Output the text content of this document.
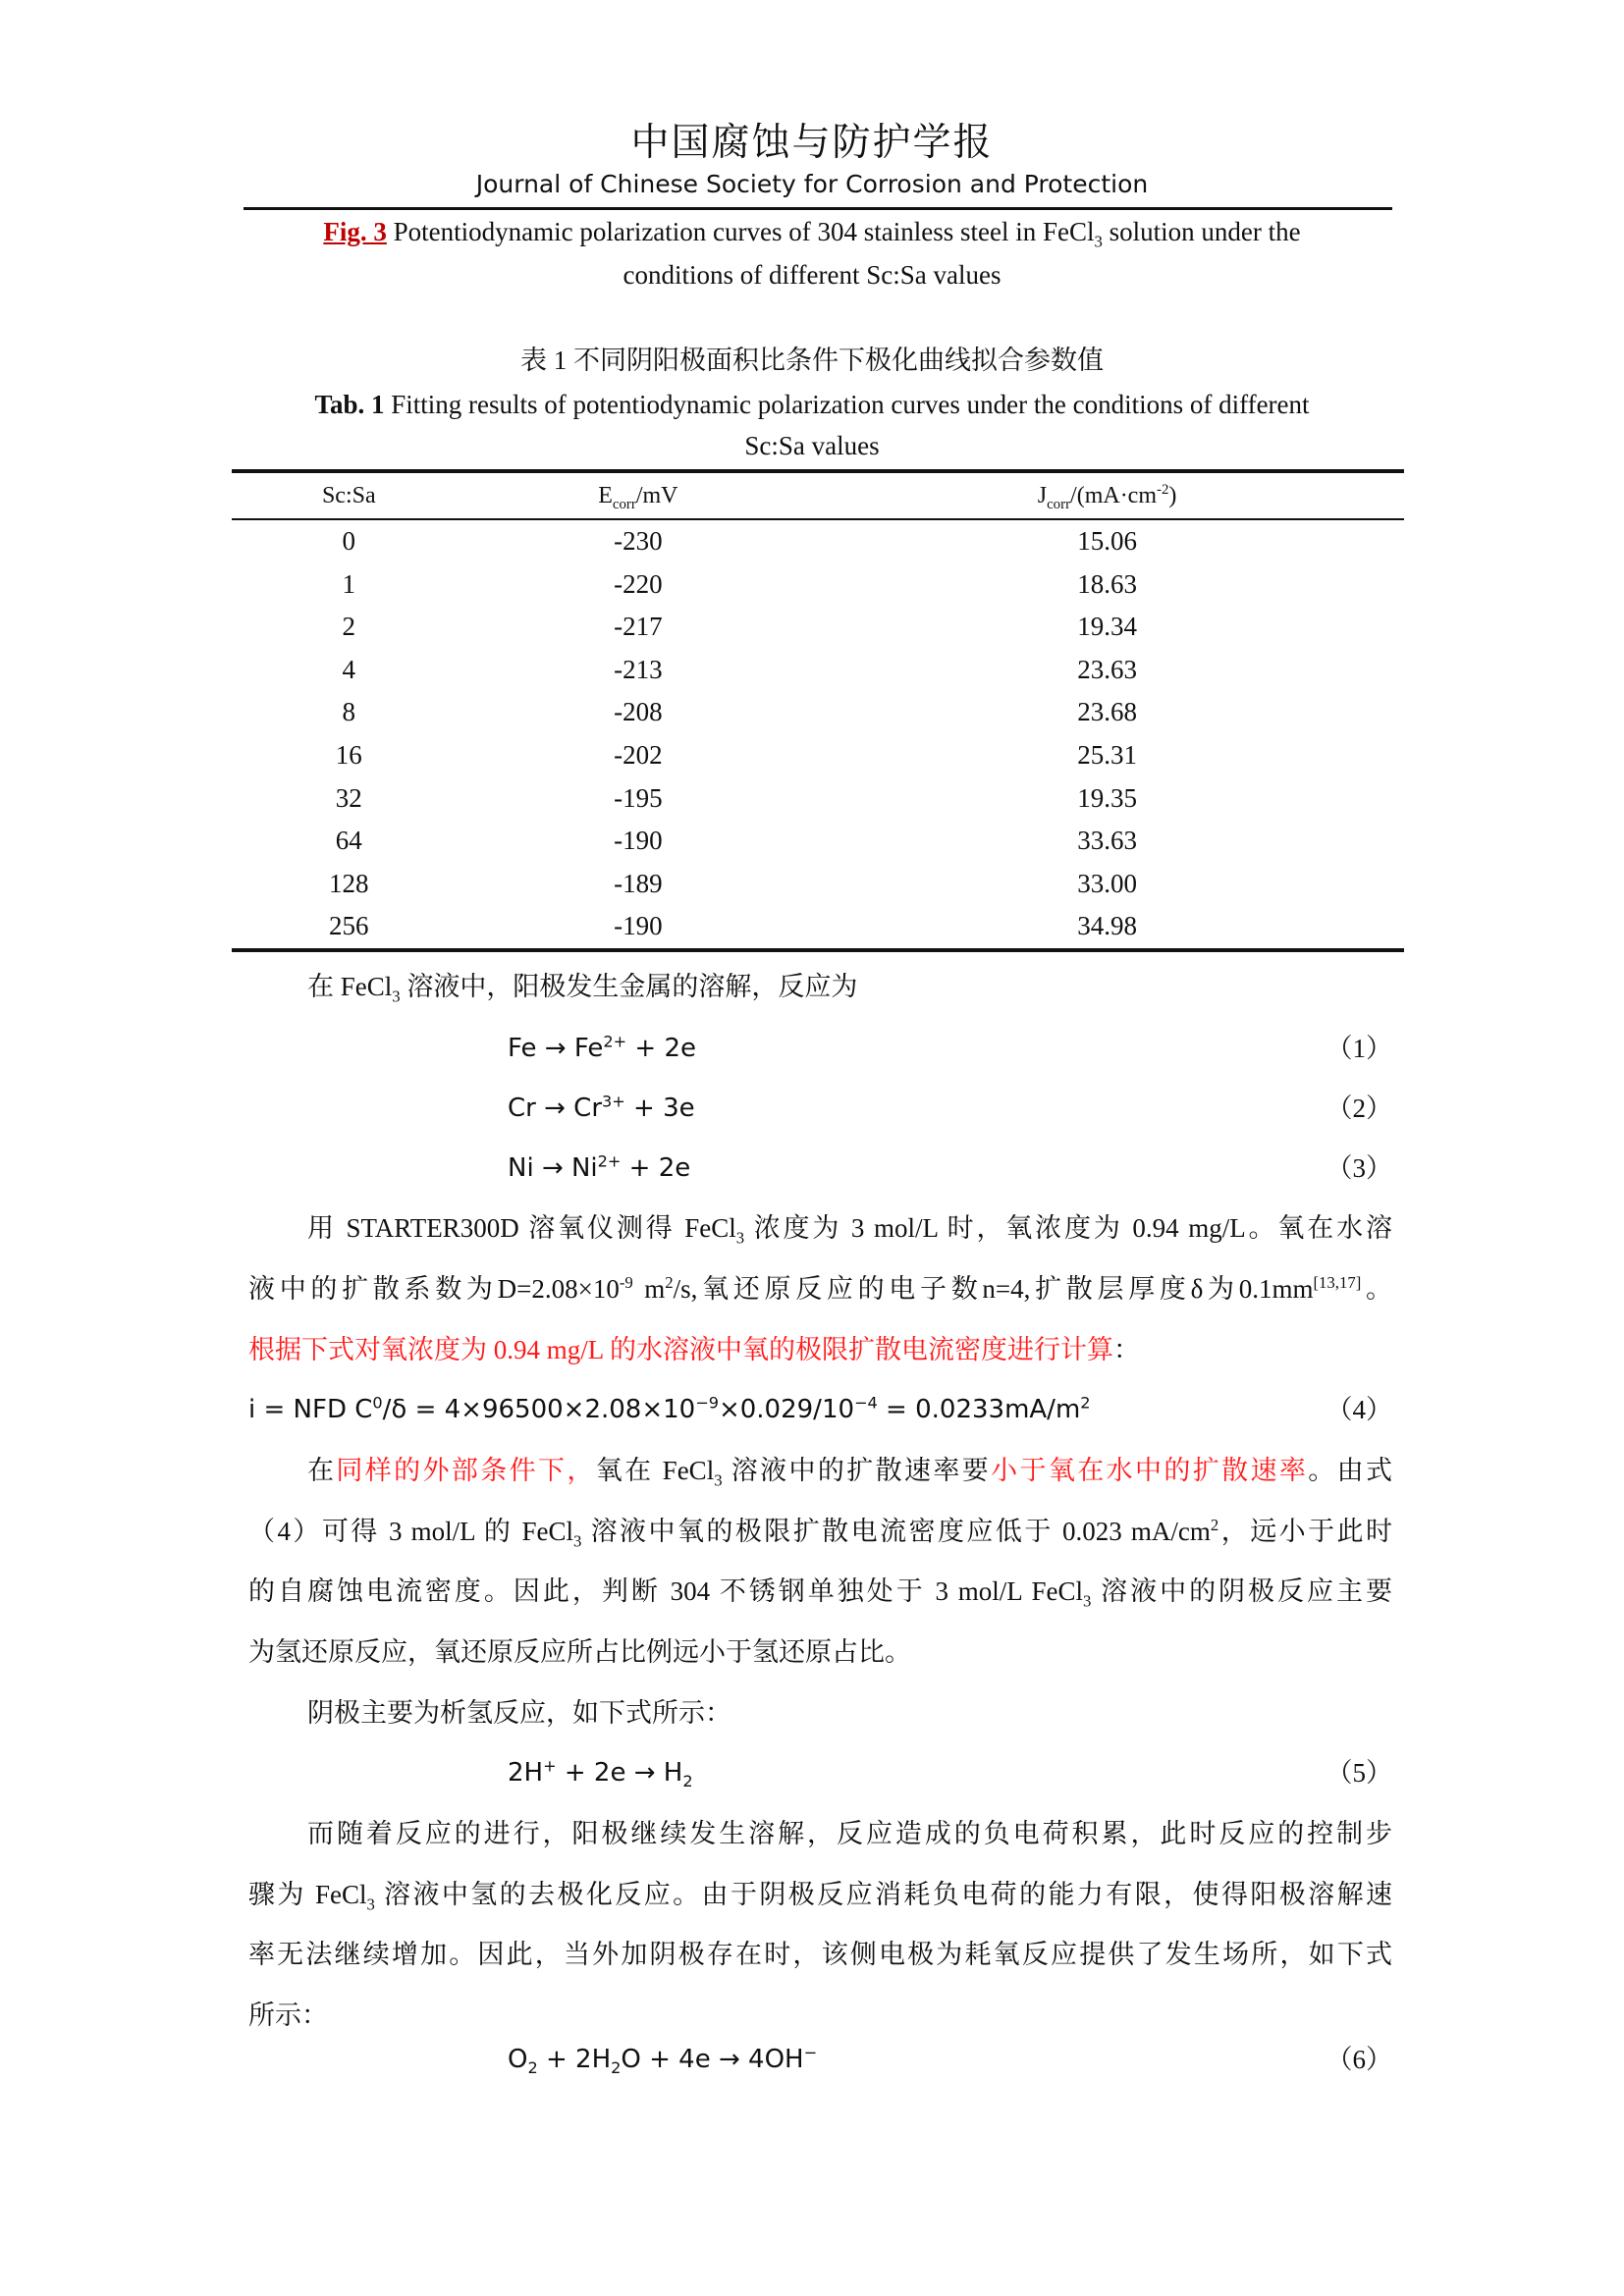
中国腐蚀与防护学报
Journal of Chinese Society for Corrosion and Protection
Fig. 3 Potentiodynamic polarization curves of 304 stainless steel in FeCl$_3$ solution under the
conditions of different Sc:Sa values
表 1 不同阴阳极面积比条件下极化曲线拟合参数值
Tab. 1 Fitting results of potentiodynamic polarization curves under the conditions of different
Sc:Sa values
Sc:Sa	$E_{corr}/mV$	$J_{corr}/(mA\cdot cm^{-2})$
0	-230	15.06
1	-220	18.63
2	-217	19.34
4	-213	23.63
8	-208	23.68
16	-202	25.31
32	-195	19.35
64	-190	33.63
128	-189	33.00
256	-190	34.98
在 FeCl$_3$ 溶液中，阳极发生金属的溶解，反应为
$Fe \to Fe^{2+} + 2e$	（1）
$Cr \to Cr^{3+} + 3e$	（2）
$Ni \to Ni^{2+} + 2e$	（3）
用 STARTER300D 溶氧仪测得 FeCl$_3$ 浓度为 3 mol/L 时，氧浓度为 0.94 mg/L。氧在水溶
液中的扩散系数为$D=2.08\times 10^{-9}$ $m^2/s$,氧还原反应的电子数n=4,扩散层厚度δ为0.1mm[13,17]。
根据下式对氧浓度为 0.94 mg/L 的水溶液中氧的极限扩散电流密度进行计算：
i = NFD $C^0/\delta = 4\times 96500\times 2.08\times 10^{-9}\times 0.029/10^{-4} = 0.0233mA/m^2$	（4）
在同样的外部条件下，氧在 FeCl$_3$ 溶液中的扩散速率要小于氧在水中的扩散速率。由式
（4）可得 3 mol/L 的 FeCl$_3$ 溶液中氧的极限扩散电流密度应低于 0.023 $mA/cm^2$，远小于此时
的自腐蚀电流密度。因此，判断 304 不锈钢单独处于 3 mol/L FeCl$_3$ 溶液中的阴极反应主要
为氢还原反应，氧还原反应所占比例远小于氢还原占比。
阴极主要为析氢反应，如下式所示：
$2H^+ + 2e \to H_2$	（5）
而随着反应的进行，阳极继续发生溶解，反应造成的负电荷积累，此时反应的控制步
骤为 FeCl$_3$ 溶液中氢的去极化反应。由于阴极反应消耗负电荷的能力有限，使得阳极溶解速
率无法继续增加。因此，当外加阴极存在时，该侧电极为耗氧反应提供了发生场所，如下式
所示：
$O_2 + 2H_2O + 4e \to 4OH^-$	（6）
